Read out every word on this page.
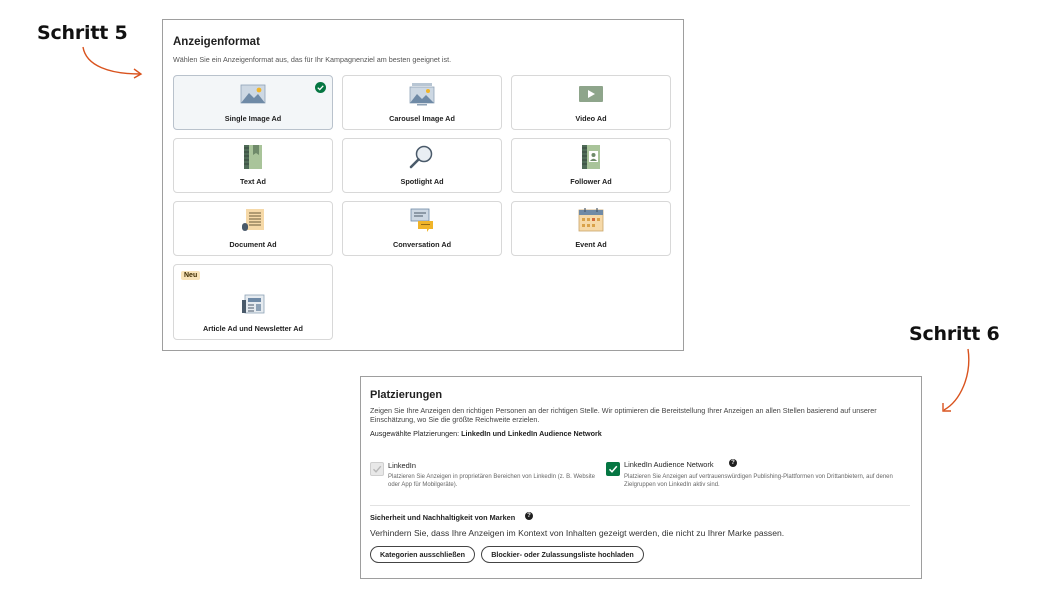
Schritt 5
Schritt 6
Anzeigenformat
Wählen Sie ein Anzeigenformat aus, das für Ihr Kampagnenziel am besten geeignet ist.
Single Image Ad	Carousel Image Ad	Video Ad
Text Ad	Spotlight Ad	Follower Ad
Document Ad	Conversation Ad	Event Ad
Neu
Article Ad und Newsletter Ad
Platzierungen
Zeigen Sie Ihre Anzeigen den richtigen Personen an der richtigen Stelle. Wir optimieren die Bereitstellung Ihrer Anzeigen an allen Stellen basierend auf unserer Einschätzung, wo Sie die größte Reichweite erzielen.
Ausgewählte Platzierungen: LinkedIn und LinkedIn Audience Network
LinkedIn
Platzieren Sie Anzeigen in proprietären Bereichen von LinkedIn (z. B. Website oder App für Mobilgeräte).
LinkedIn Audience Network	?
Platzieren Sie Anzeigen auf vertrauenswürdigen Publishing-Plattformen von Drittanbietern, auf denen Zielgruppen von LinkedIn aktiv sind.
Sicherheit und Nachhaltigkeit von Marken	?
Verhindern Sie, dass Ihre Anzeigen im Kontext von Inhalten gezeigt werden, die nicht zu Ihrer Marke passen.
Kategorien ausschließen	Blockier- oder Zulassungsliste hochladen
